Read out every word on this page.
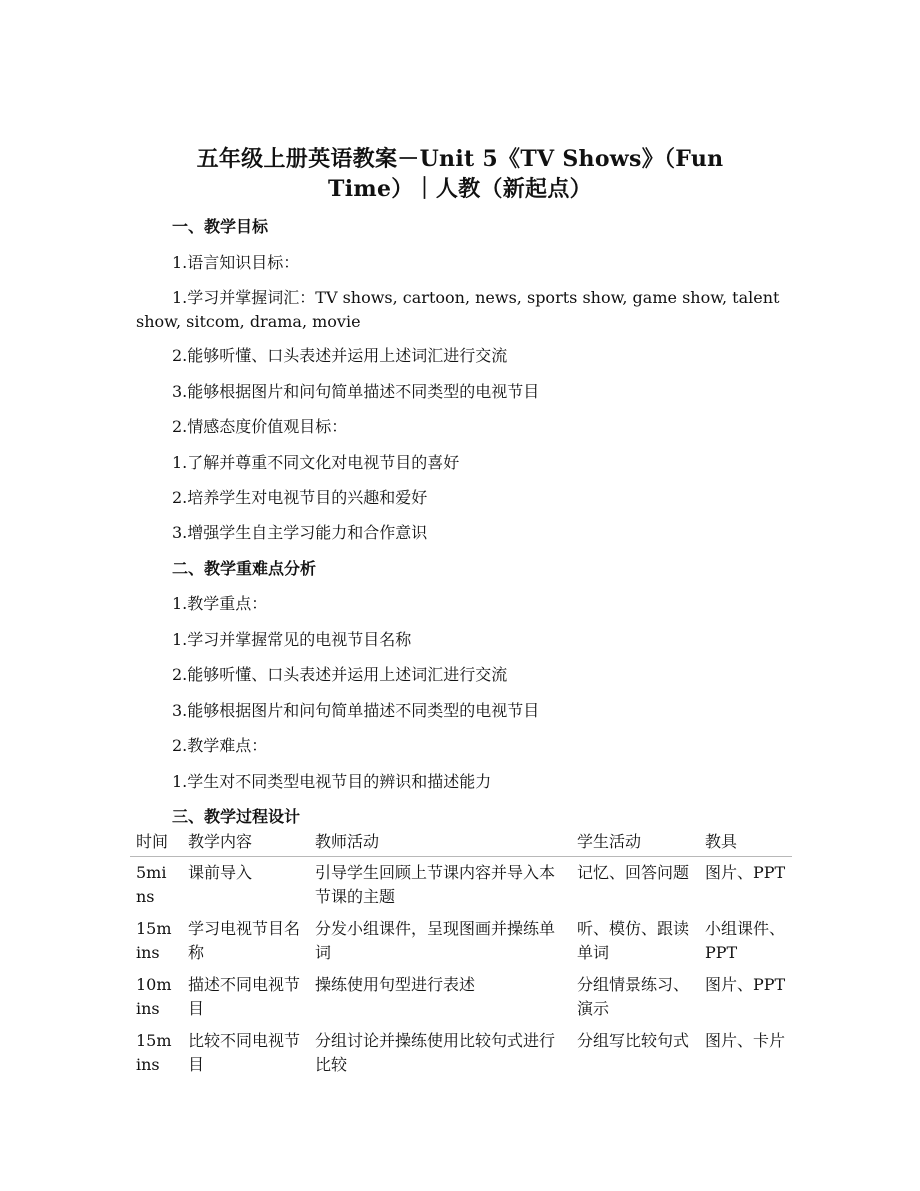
五年级上册英语教案－Unit 5《TV Shows》（Fun
Time）｜人教（新起点）
一、教学目标
1.语言知识目标：
1.学习并掌握词汇：TV shows, cartoon, news, sports show, game show, talent show, sitcom, drama, movie
2.能够听懂、口头表述并运用上述词汇进行交流
3.能够根据图片和问句简单描述不同类型的电视节目
2.情感态度价值观目标：
1.了解并尊重不同文化对电视节目的喜好
2.培养学生对电视节目的兴趣和爱好
3.增强学生自主学习能力和合作意识
二、教学重难点分析
1.教学重点：
1.学习并掌握常见的电视节目名称
2.能够听懂、口头表述并运用上述词汇进行交流
3.能够根据图片和问句简单描述不同类型的电视节目
2.教学难点：
1.学生对不同类型电视节目的辨识和描述能力
三、教学过程设计
时间	教学内容	教师活动	学生活动	教具
5mins	课前导入	引导学生回顾上节课内容并导入本节课的主题	记忆、回答问题	图片、PPT
15mins	学习电视节目名称	分发小组课件，呈现图画并操练单词	听、模仿、跟读单词	小组课件、PPT
10mins	描述不同电视节目	操练使用句型进行表述	分组情景练习、演示	图片、PPT
15mins	比较不同电视节目	分组讨论并操练使用比较句式进行比较	分组写比较句式	图片、卡片
